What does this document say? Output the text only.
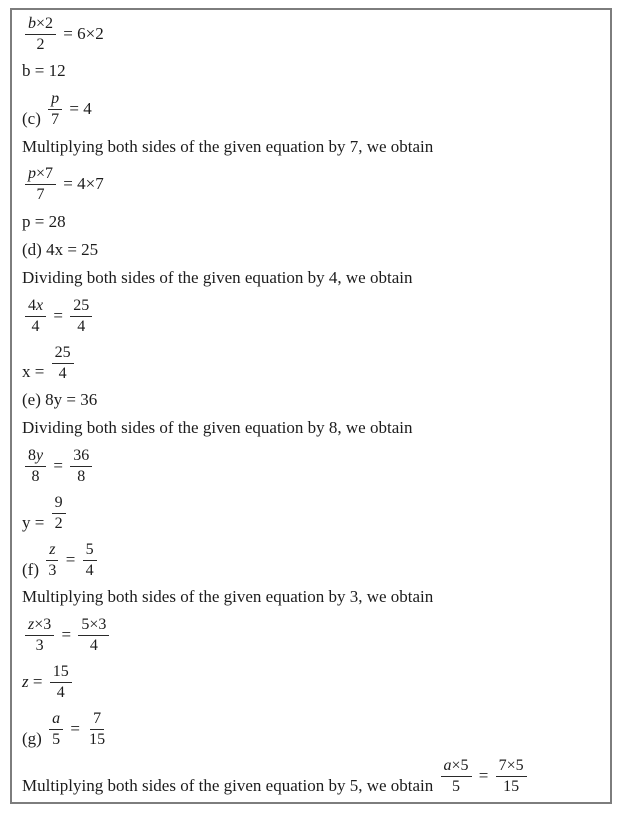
$\frac{b \times 2}{2} = 6\times 2$
b = 12
$(c) \frac{p}{7} = 4$
Multiplying both sides of the given equation by 7, we obtain
$\frac{p \times 7}{7} = 4\times 7$
p = 28
(d) 4x = 25
Dividing both sides of the given equation by 4, we obtain
$\frac{4 x}{4} = \frac{25}{4}$
$x = \frac{25}{4}$
(e) 8y = 36
Dividing both sides of the given equation by 8, we obtain
$\frac{8 y}{8} = \frac{36}{8}$
$y = \frac{9}{2}$
$(f) \frac{z}{3} = \frac{5}{4}$
Multiplying both sides of the given equation by 3, we obtain
$\frac{z \times 3}{3} = \frac{5\times 3}{4}$
$z = \frac{15}{4}$
$(g) \frac{a}{5} = \frac{7}{15}$
Multiplying both sides of the given equation by 5, we obtain $\frac{a \times 5}{5} = \frac{7\times 5}{15}$
